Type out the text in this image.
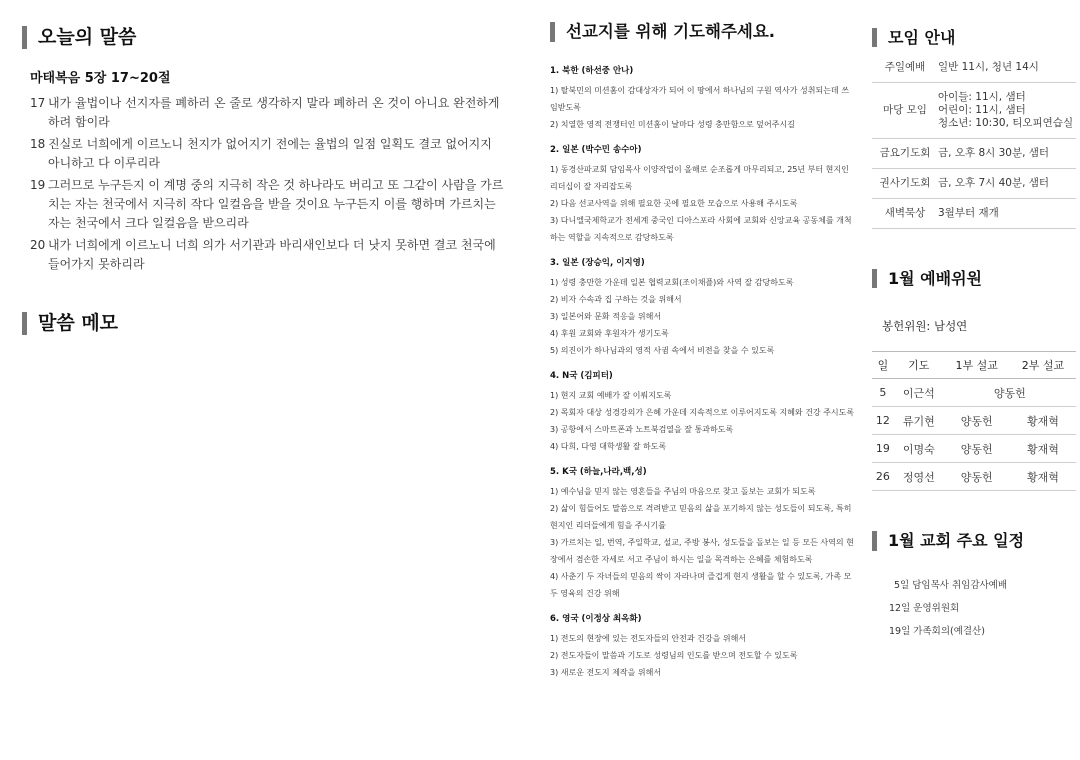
오늘의 말씀
마태복음 5장 17~20절
17 내가 율법이나 선지자를 폐하러 온 줄로 생각하지 말라 폐하러 온 것이 아니요 완전하게 하려 함이라
18 진실로 너희에게 이르노니 천지가 없어지기 전에는 율법의 일점 일획도 결코 없어지지 아니하고 다 이루리라
19 그러므로 누구든지 이 계명 중의 지극히 작은 것 하나라도 버리고 또 그같이 사람을 가르치는 자는 천국에서 지극히 작다 일컬음을 받을 것이요 누구든지 이를 행하며 가르치는 자는 천국에서 크다 일컬음을 받으리라
20 내가 너희에게 이르노니 너희 의가 서기관과 바리새인보다 더 낫지 못하면 결코 천국에 들어가지 못하리라
말씀 메모
선교지를 위해 기도해주세요.
1. 북한 (하선중 안나)
1) 탈북민의 미션홈이 감대상자가 되어 이 땅에서 하나님의 구원 역사가 성취되는데 쓰임받도록
2) 치열한 영적 전쟁터인 미션홈이 날마다 성령 충만함으로 덮어주시길
2. 일본 (박수민 송수아)
1) 동경산파교회 담임목사 이양작업이 올해로 순조롭게 마무리되고, 25년 부터 현지인 리더십이 잘 자리잡도록
2) 다음 선교사역을 위해 필요한 곳에 필요한 모습으로 사용해 주시도록
3) 다니엘국제학교가 전세계 중국인 디아스포라 사회에 교회와 신앙교육 공동체를 개척하는 역할을 지속적으로 감당하도록
3. 일본 (장승익, 이지영)
1) 성령 충만한 가운데 일본 협력교회(조이채플)와 사역 잘 감당하도록
2) 비자 수속과 집 구하는 것을 위해서
3) 일본어와 문화 적응을 위해서
4) 후원 교회와 후원자가 생기도록
5) 의진이가 하나님과의 영적 사귐 속에서 비전을 찾을 수 있도록
4. N국 (김피터)
1) 현지 교회 예배가 잘 이뤄지도록
2) 목회자 대상 성경강의가 은혜 가운데 지속적으로 이루어지도록 지혜와 건강 주시도록
3) 공항에서 스마트폰과 노트북검열을 잘 통과하도록
4) 다희, 다영 대학생활 잘 하도록
5. K국 (하늘,나라,백,성)
1) 예수님을 믿지 않는 영혼들을 주님의 마음으로 찾고 돌보는 교회가 되도록
2) 삶이 힘들어도 말씀으로 격려받고 믿음의 삶을 포기하지 않는 성도들이 되도록, 특히 현지인 리더들에게 힘을 주시기를
3) 가르치는 일, 번역, 주일학교, 설교, 주방 봉사, 성도들을 돌보는 일 등 모든 사역의 현장에서 겸손한 자세로 서고 주님이 하시는 일을 목격하는 은혜를 체험하도록
4) 사춘기 두 자녀들의 믿음의 싹이 자라나며 즐겁게 현지 생활을 할 수 있도록, 가족 모두 영육의 건강 위해
6. 영국 (이정상 최옥화)
1) 전도의 현장에 있는 전도자들의 안전과 건강을 위해서
2) 전도자들이 말씀과 기도로 성령님의 인도를 받으며 전도할 수 있도록
3) 새로운 전도지 제작을 위해서
모임 안내
주일예배	일반 11시, 청년 14시
마당 모임	아이들: 11시, 샘터
어린이: 11시, 샘터
청소년: 10:30, 티오피연습실
금요기도회	금, 오후 8시 30분, 샘터
권사기도회	금, 오후 7시 40분, 샘터
새벽묵상	3월부터 재개
1월 예배위원
봉헌위원: 남성연
일	기도	1부 설교	2부 설교
5	이근석	양동헌	
12	류기현	양동헌	황재혁
19	이명숙	양동헌	황재혁
26	정영선	양동헌	황재혁
1월 교회 주요 일정
5일 담임목사 취임감사예배
12일 운영위원회
19일 가족회의(예결산)
